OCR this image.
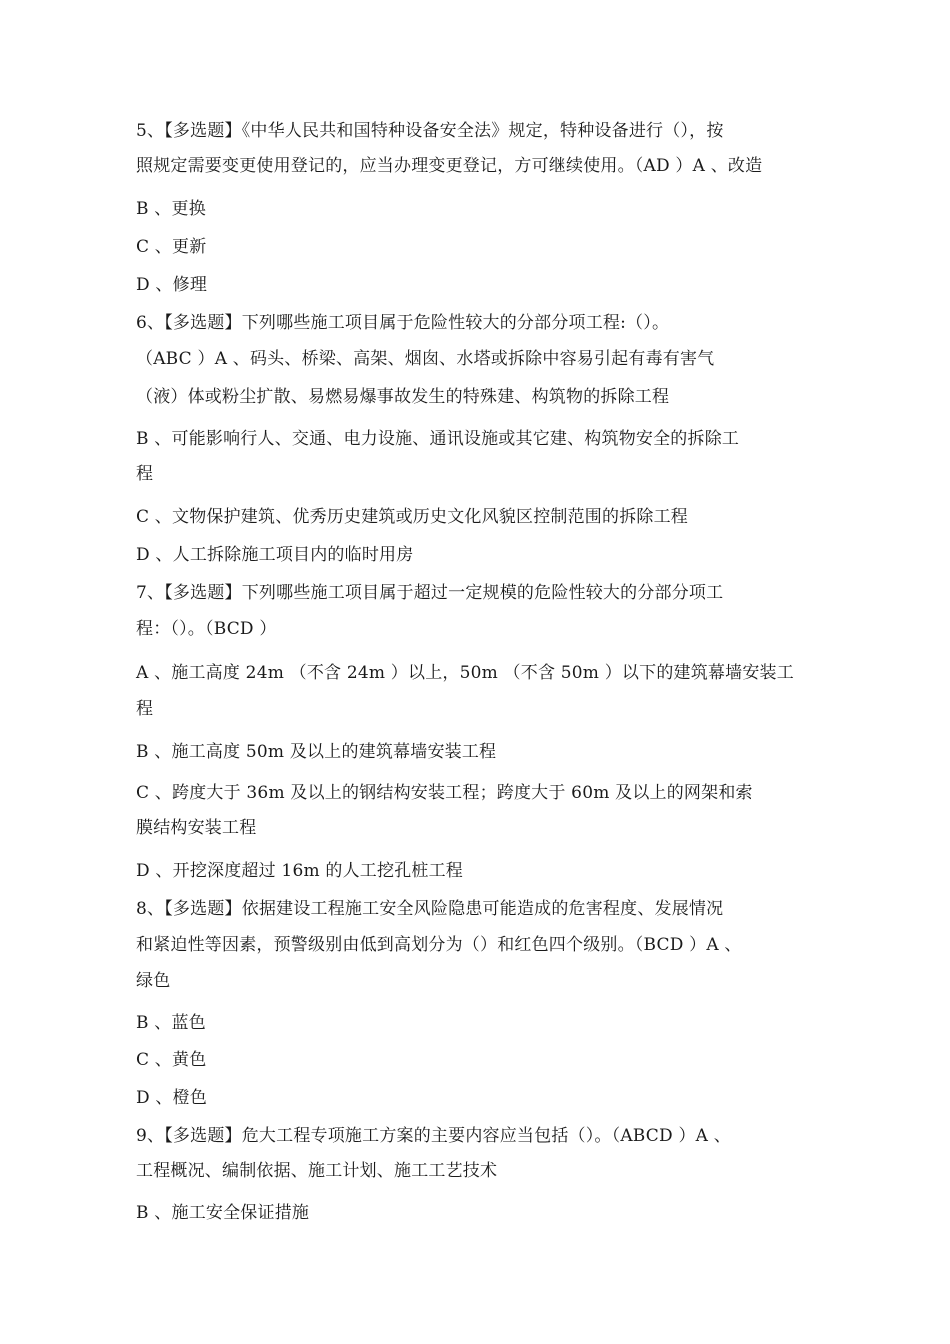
5、【多选题】《中华人民共和国特种设备安全法》规定，特种设备进行（），按
照规定需要变更使用登记的，应当办理变更登记，方可继续使用。（AD ）A 、改造
B 、更换
C 、更新
D 、修理
6、【多选题】下列哪些施工项目属于危险性较大的分部分项工程:（）。
（ABC ）A 、码头、桥梁、高架、烟囱、水塔或拆除中容易引起有毒有害气
（液）体或粉尘扩散、易燃易爆事故发生的特殊建、构筑物的拆除工程
B 、可能影响行人、交通、电力设施、通讯设施或其它建、构筑物安全的拆除工
程
C 、文物保护建筑、优秀历史建筑或历史文化风貌区控制范围的拆除工程
D 、人工拆除施工项目内的临时用房
7、【多选题】下列哪些施工项目属于超过一定规模的危险性较大的分部分项工
程：（）。（BCD ）
A 、施工高度 24m （不含 24m ）以上，50m （不含 50m ）以下的建筑幕墙安装工
程
B 、施工高度 50m 及以上的建筑幕墙安装工程
C 、跨度大于 36m 及以上的钢结构安装工程；跨度大于 60m 及以上的网架和索
膜结构安装工程
D 、开挖深度超过 16m 的人工挖孔桩工程
8、【多选题】依据建设工程施工安全风险隐患可能造成的危害程度、发展情况
和紧迫性等因素，预警级别由低到高划分为（）和红色四个级别。（BCD ）A 、
绿色
B 、蓝色
C 、黄色
D 、橙色
9、【多选题】危大工程专项施工方案的主要内容应当包括（）。（ABCD ）A 、
工程概况、编制依据、施工计划、施工工艺技术
B 、施工安全保证措施
